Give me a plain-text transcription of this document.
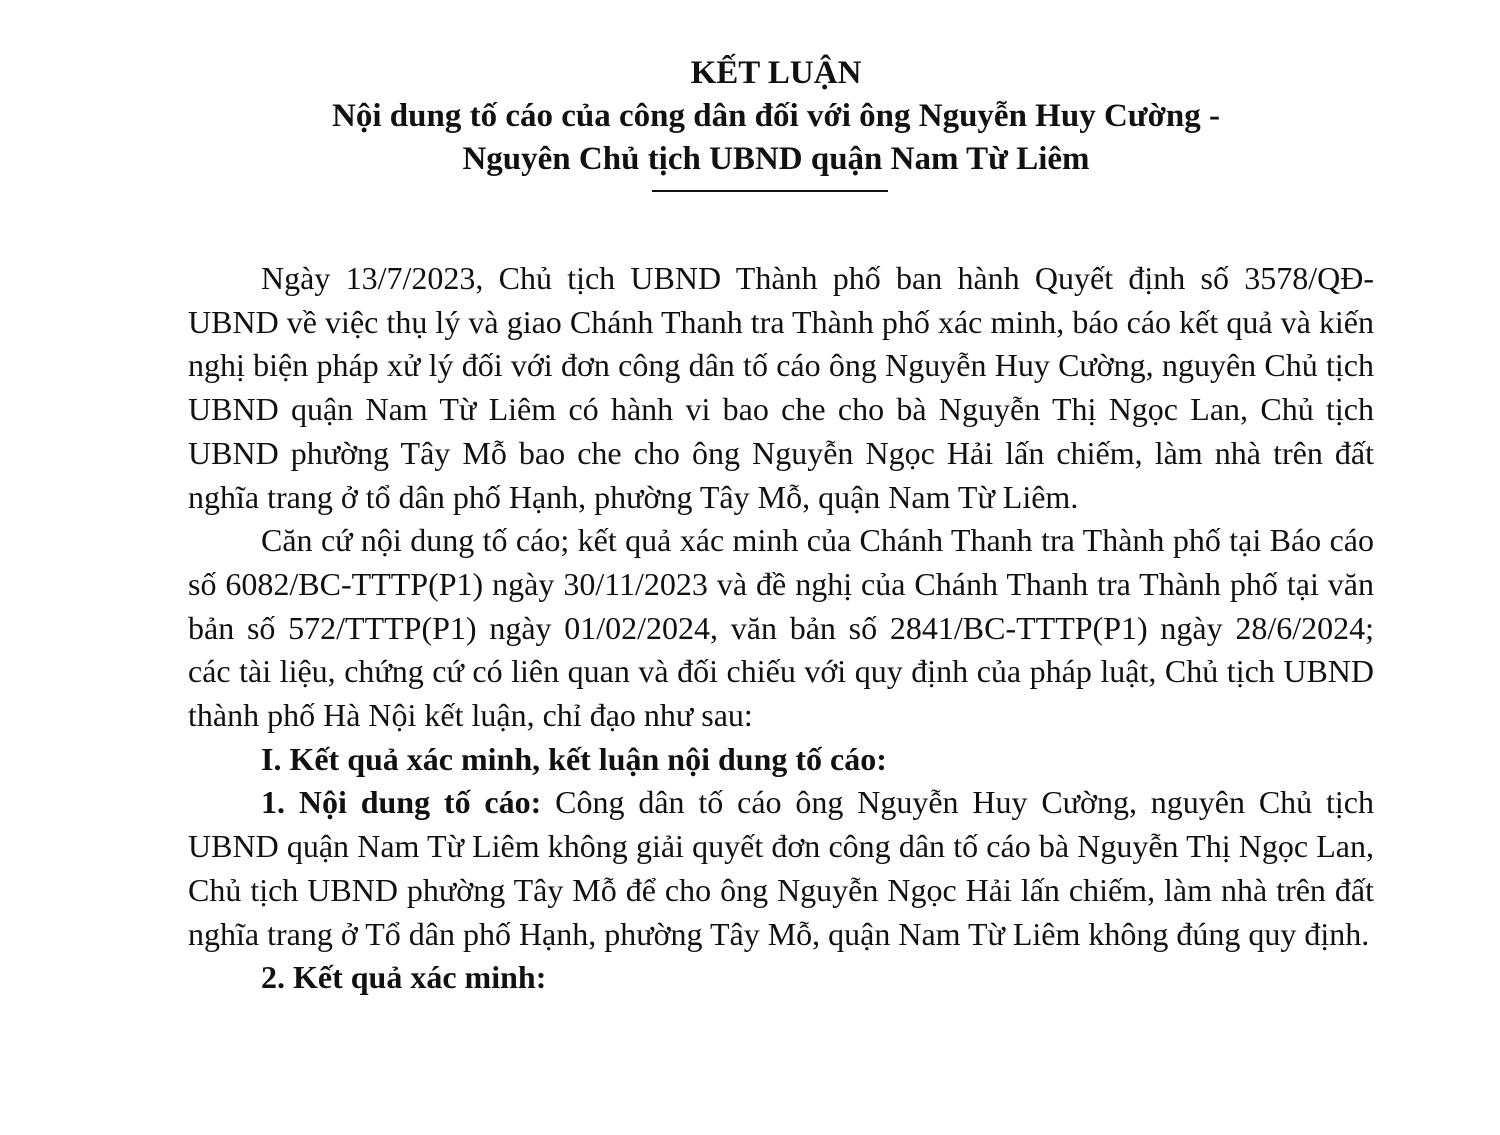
KẾT LUẬN
Nội dung tố cáo của công dân đối với ông Nguyễn Huy Cường -
Nguyên Chủ tịch UBND quận Nam Từ Liêm

Ngày 13/7/2023, Chủ tịch UBND Thành phố ban hành Quyết định số 3578/QĐ-UBND về việc thụ lý và giao Chánh Thanh tra Thành phố xác minh, báo cáo kết quả và kiến nghị biện pháp xử lý đối với đơn công dân tố cáo ông Nguyễn Huy Cường, nguyên Chủ tịch UBND quận Nam Từ Liêm có hành vi bao che cho bà Nguyễn Thị Ngọc Lan, Chủ tịch UBND phường Tây Mỗ bao che cho ông Nguyễn Ngọc Hải lấn chiếm, làm nhà trên đất nghĩa trang ở tổ dân phố Hạnh, phường Tây Mỗ, quận Nam Từ Liêm.

Căn cứ nội dung tố cáo; kết quả xác minh của Chánh Thanh tra Thành phố tại Báo cáo số 6082/BC-TTTP(P1) ngày 30/11/2023 và đề nghị của Chánh Thanh tra Thành phố tại văn bản số 572/TTTP(P1) ngày 01/02/2024, văn bản số 2841/BC-TTTP(P1) ngày 28/6/2024; các tài liệu, chứng cứ có liên quan và đối chiếu với quy định của pháp luật, Chủ tịch UBND thành phố Hà Nội kết luận, chỉ đạo như sau:

I. Kết quả xác minh, kết luận nội dung tố cáo:

1. Nội dung tố cáo: Công dân tố cáo ông Nguyễn Huy Cường, nguyên Chủ tịch UBND quận Nam Từ Liêm không giải quyết đơn công dân tố cáo bà Nguyễn Thị Ngọc Lan, Chủ tịch UBND phường Tây Mỗ để cho ông Nguyễn Ngọc Hải lấn chiếm, làm nhà trên đất nghĩa trang ở Tổ dân phố Hạnh, phường Tây Mỗ, quận Nam Từ Liêm không đúng quy định.

2. Kết quả xác minh:
